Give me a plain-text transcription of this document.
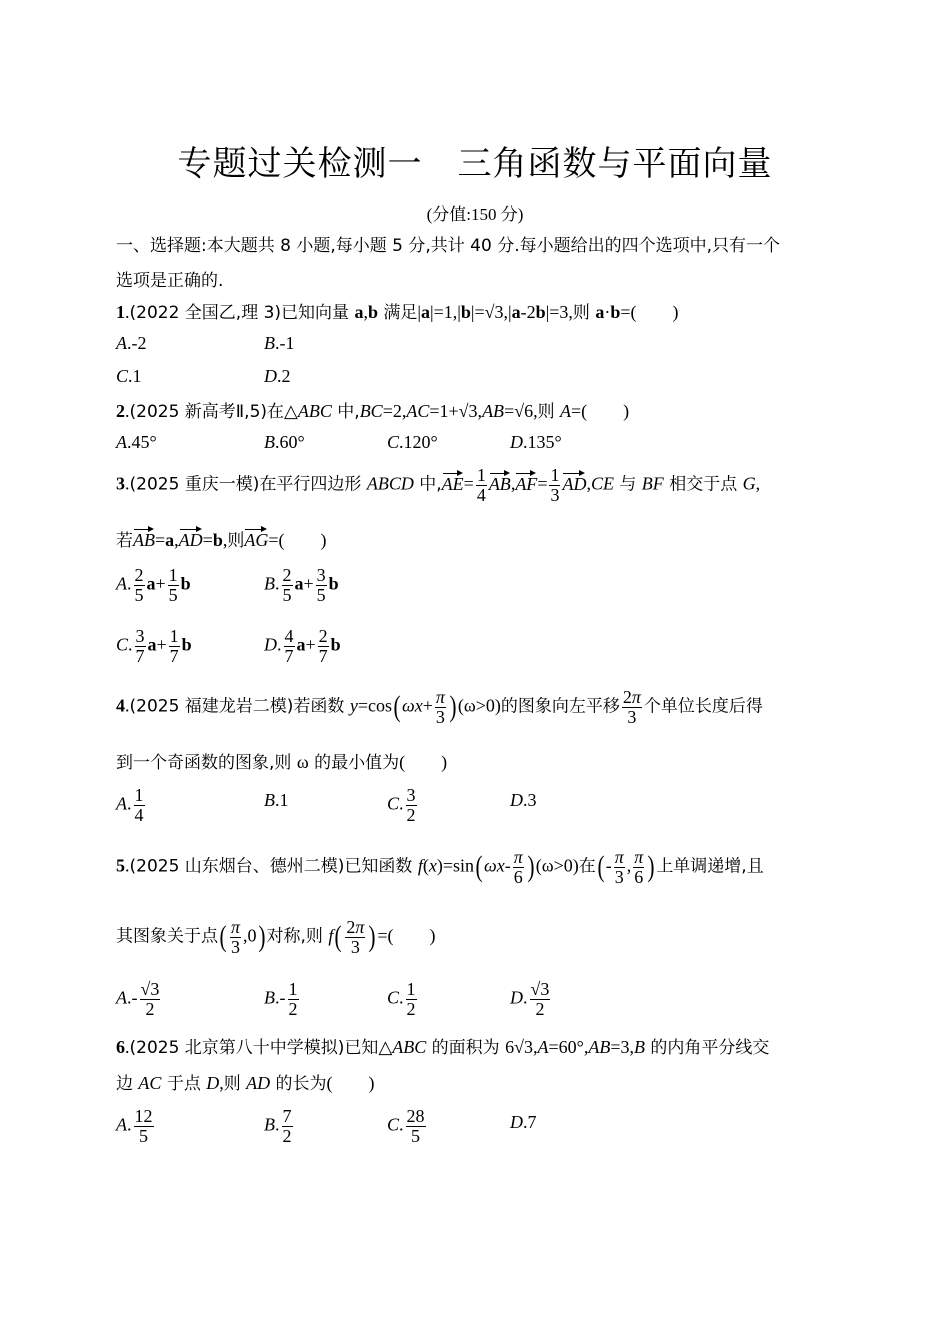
专题过关检测一　三角函数与平面向量
(分值:150 分)
一、选择题:本大题共 8 小题,每小题 5 分,共计 40 分.每小题给出的四个选项中,只有一个
选项是正确的.
1.(2022 全国乙,理 3)已知向量 a,b 满足|a|=1,|b|=√3,|a-2b|=3,则 a·b=(　　)
A.-2	B.-1
C.1	D.2
2.(2025 新高考Ⅱ,5)在△ABC 中,BC=2,AC=1+√3,AB=√6,则 A=(　　)
A.45°	B.60°	C.120°	D.135°
3.(2025 重庆一模)在平行四边形 ABCD 中$,AE= \frac{1}{4} AB,AF= \frac{1}{3} AD,CE$ 与 BF 相交于点 G,
若AB=a,AD=b,则AG=(　　)
A. $\frac{2}{5} a+ \frac{1}{5}$ b	B. $\frac{2}{5} a+ \frac{3}{5}$ b
C. $\frac{3}{7} a+ \frac{1}{7}$ b	D. $\frac{4}{7} a+ \frac{2}{7}$ b
4.(2025 福建龙岩二模)若函数 $y=\cos(\omega x+ \frac{\pi}{3} )(\omega>0)$的图象向左平移 $\frac{2\pi}{3}$ 个单位长度后得
到一个奇函数的图象,则 ω 的最小值为(　　)
A. $\frac{1}{4}$	B.1	C. $\frac{3}{2}$	D.3
5.(2025 山东烟台、德州二模)已知函数 $f(x)=\sin(\omega x- \frac{\pi}{6} )(\omega>0)$在(- $\frac{\pi}{3}$ , $\frac{\pi}{6}$ )上单调递增,且
其图象关于点( $\frac{\pi}{3} ,0$)对称,则 $f( \frac{2\pi}{3}$ )=(　　)
$A.- \frac{√3}{2}$	$B.- \frac{1}{2}$	C. $\frac{1}{2}$	D. $\frac{√3}{2}$
6.(2025 北京第八十中学模拟)已知△ABC 的面积为 6√3,A=60°,AB=3,B 的内角平分线交
边 AC 于点 D,则 AD 的长为(　　)
A. $\frac{12}{5}$	B. $\frac{7}{2}$	C. $\frac{28}{5}$	D.7
